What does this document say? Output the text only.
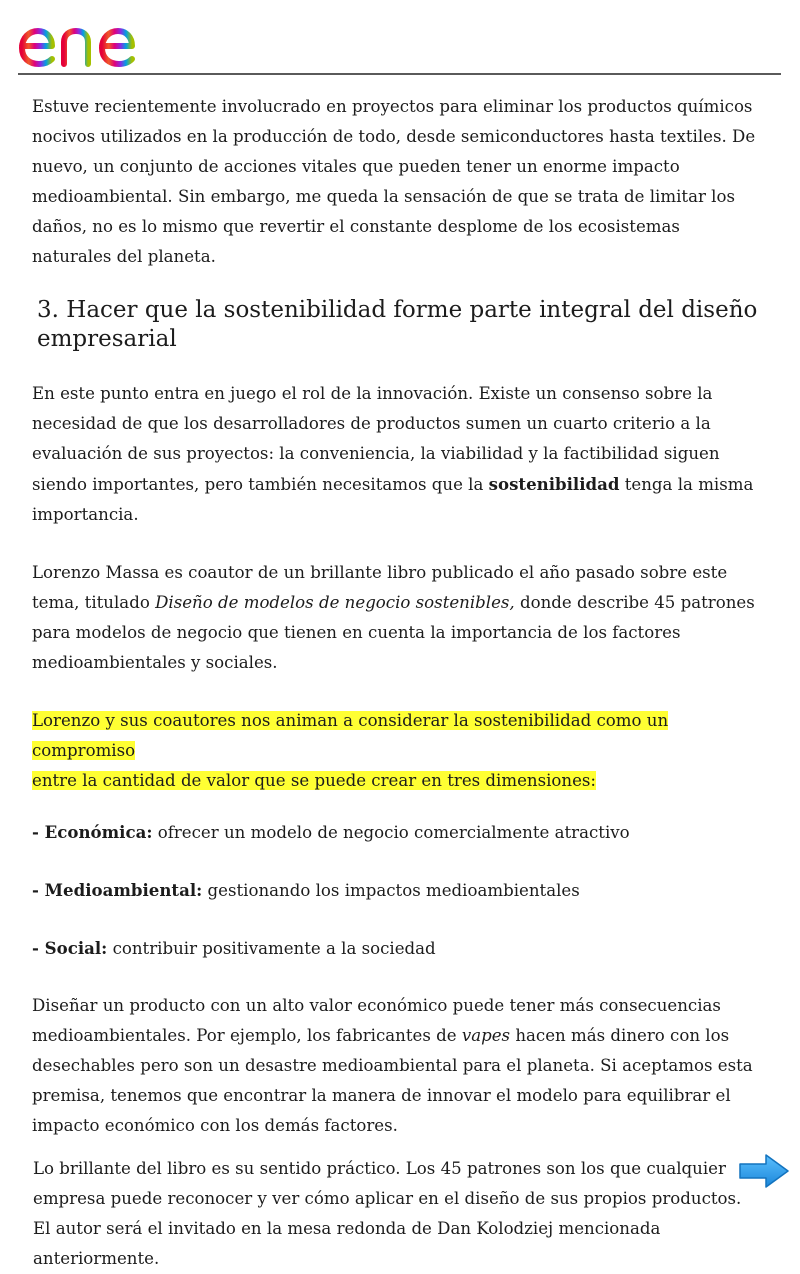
Estuve recientemente involucrado en proyectos para eliminar los productos químicos nocivos utilizados en la producción de todo, desde semiconductores hasta textiles. De nuevo, un conjunto de acciones vitales que pueden tener un enorme impacto medioambiental. Sin embargo, me queda la sensación de que se trata de limitar los daños, no es lo mismo que revertir el constante desplome de los ecosistemas naturales del planeta.

3. Hacer que la sostenibilidad forme parte integral del diseño empresarial

En este punto entra en juego el rol de la innovación. Existe un consenso sobre la necesidad de que los desarrolladores de productos sumen un cuarto criterio a la evaluación de sus proyectos: la conveniencia, la viabilidad y la factibilidad siguen siendo importantes, pero también necesitamos que la sostenibilidad tenga la misma importancia.

Lorenzo Massa es coautor de un brillante libro publicado el año pasado sobre este tema, titulado Diseño de modelos de negocio sostenibles, donde describe 45 patrones para modelos de negocio que tienen en cuenta la importancia de los factores medioambientales y sociales.

Lorenzo y sus coautores nos animan a considerar la sostenibilidad como un compromiso
entre la cantidad de valor que se puede crear en tres dimensiones:

- Económica: ofrecer un modelo de negocio comercialmente atractivo

- Medioambiental: gestionando los impactos medioambientales

- Social: contribuir positivamente a la sociedad

Diseñar un producto con un alto valor económico puede tener más consecuencias medioambientales. Por ejemplo, los fabricantes de vapes hacen más dinero con los desechables pero son un desastre medioambiental para el planeta. Si aceptamos esta premisa, tenemos que encontrar la manera de innovar el modelo para equilibrar el impacto económico con los demás factores.

Lo brillante del libro es su sentido práctico. Los 45 patrones son los que cualquier empresa puede reconocer y ver cómo aplicar en el diseño de sus propios productos. El autor será el invitado en la mesa redonda de Dan Kolodziej mencionada anteriormente.
